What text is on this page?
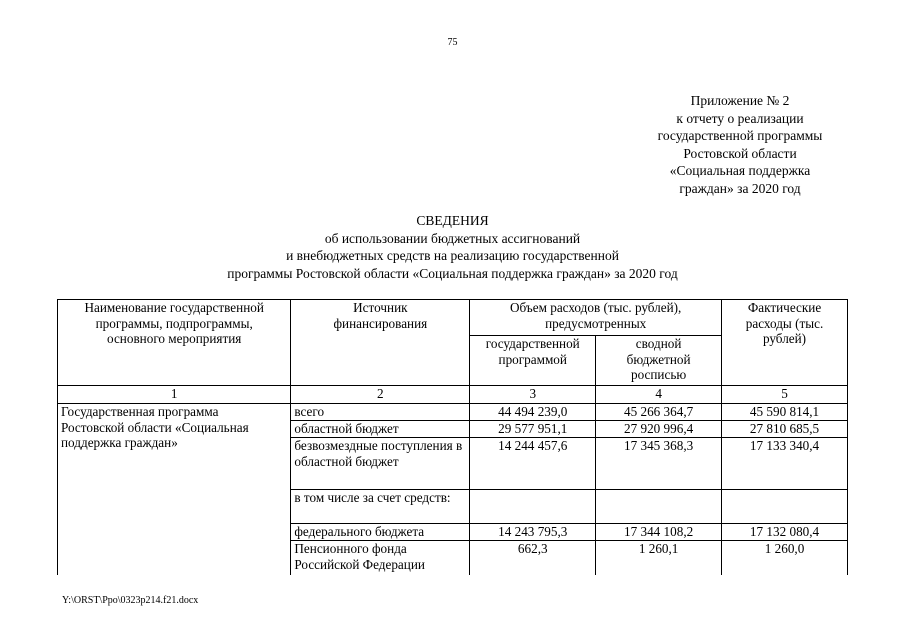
75
Приложение № 2
к отчету о реализации
государственной программы
Ростовской области
«Социальная поддержка
граждан» за 2020 год
СВЕДЕНИЯ
об использовании бюджетных ассигнований
и внебюджетных средств на реализацию государственной
программы Ростовской области «Социальная поддержка граждан» за 2020 год
Наименование государственной программы, подпрограммы, основного мероприятия	Источник финансирования	Объем расходов (тыс. рублей), предусмотренных		Фактические расходы (тыс. рублей)
		государственной программой	сводной бюджетной росписью	
1	2	3	4	5
Государственная программа Ростовской области «Социальная поддержка граждан»	всего	44 494 239,0	45 266 364,7	45 590 814,1
	областной бюджет	29 577 951,1	27 920 996,4	27 810 685,5
	безвозмездные поступления в областной бюджет	14 244 457,6	17 345 368,3	17 133 340,4
	в том числе за счет средств:			
	федерального бюджета	14 243 795,3	17 344 108,2	17 132 080,4
	Пенсионного фонда Российской Федерации	662,3	1 260,1	1 260,0
Y:\ORST\Ppo\0323p214.f21.docx
